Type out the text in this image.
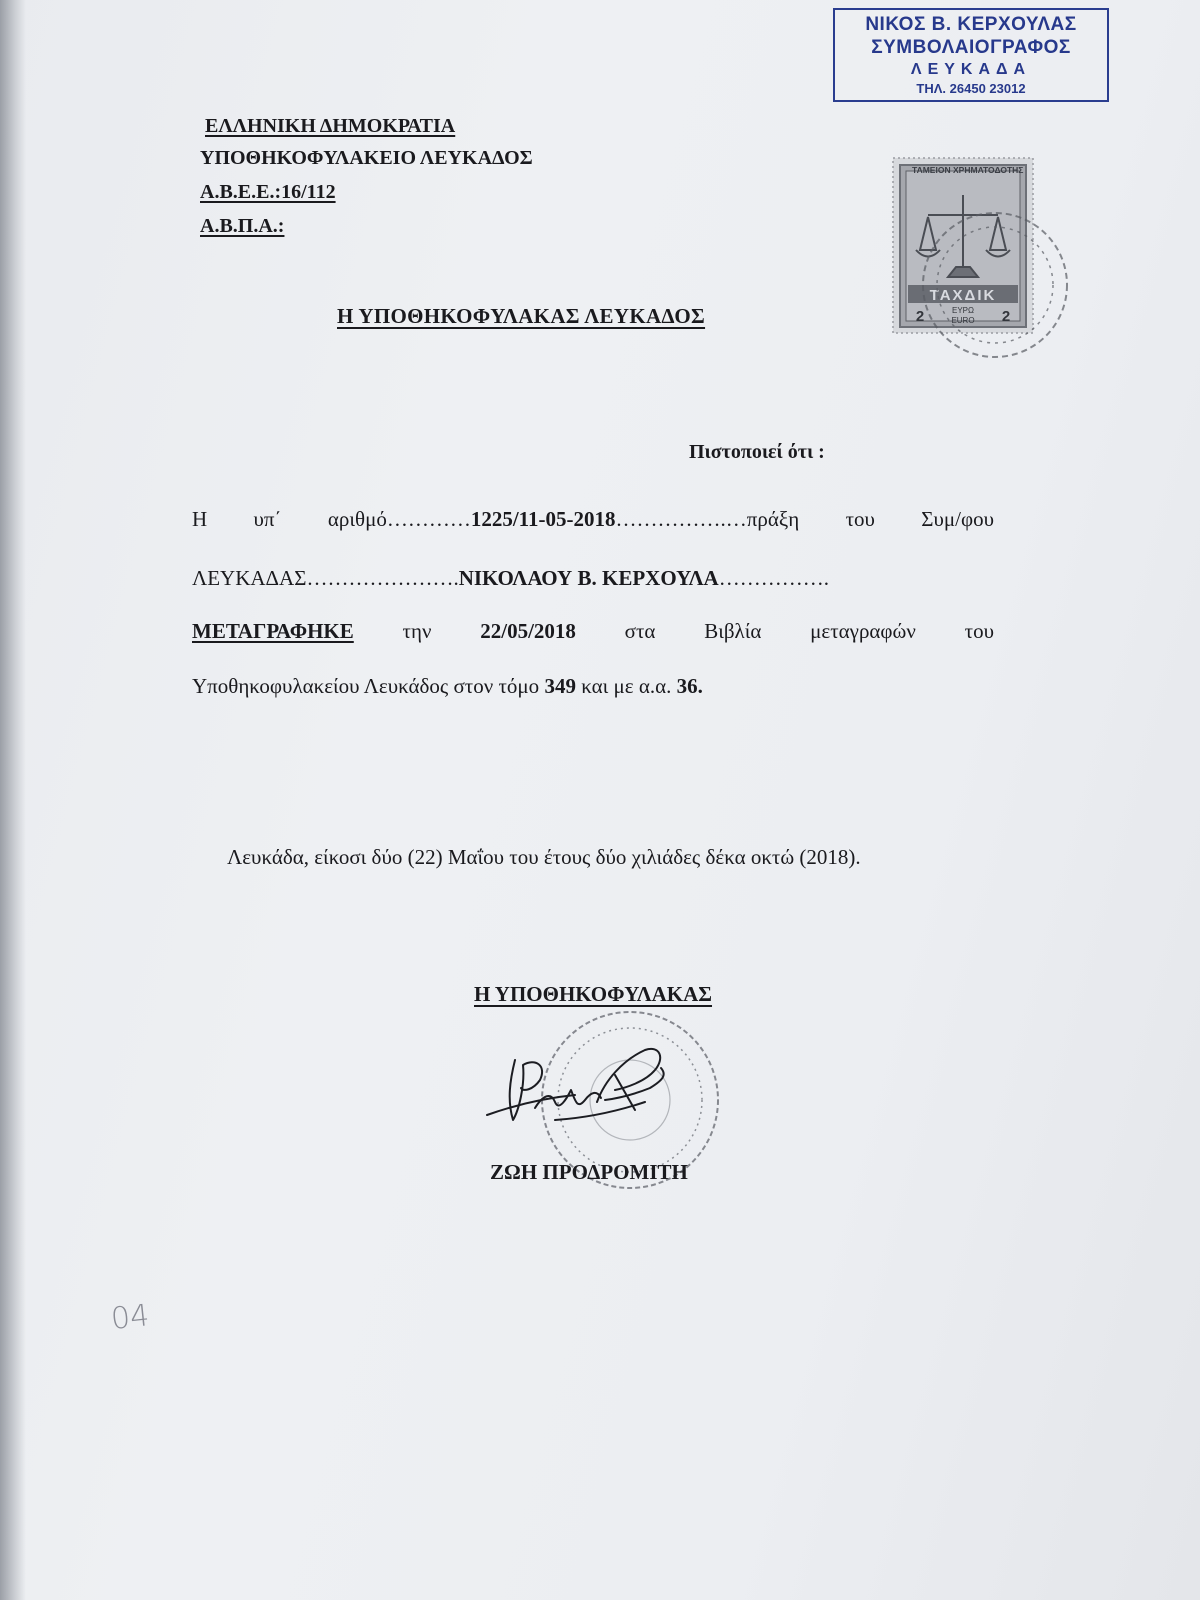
ΝΙΚΟΣ Β. ΚΕΡΧΟΥΛΑΣ
ΣΥΜΒΟΛΑΙΟΓΡΑΦΟΣ
ΛΕΥΚΑΔΑ
ΤΗΛ. 26450 23012
ΕΛΛΗΝΙΚΗ ΔΗΜΟΚΡΑΤΙΑ
ΥΠΟΘΗΚΟΦΥΛΑΚΕΙΟ ΛΕΥΚΑΔΟΣ
Α.Β.Ε.Ε.:16/112
Α.Β.Π.Α.:
ΤΑΜΕΙΟΝ ΧΡΗΜΑΤΟΔΟΤΗΣΕΩΣ ΔΙΚΑΣΤΙΚΩΝ ΚΤΙΡΙΩΝ
ΤΑΧΔΙΚ
2	2
ΕΥΡΩ
EURO
Η ΥΠΟΘΗΚΟΦΥΛΑΚΑΣ ΛΕΥΚΑΔΟΣ
Πιστοποιεί ότι :
Η υπ΄ αριθμό…………1225/11-05-2018…………….…πράξη του Συμ/φου
ΛΕΥΚΑΔΑΣ………………….ΝΙΚΟΛΑΟΥ Β. ΚΕΡΧΟΥΛΑ…………….
ΜΕΤΑΓΡΑΦΗΚΕ την 22/05/2018 στα Βιβλία μεταγραφών του
Υποθηκοφυλακείου Λευκάδος στον τόμο 349 και με α.α. 36.
Λευκάδα, είκοσι δύο (22) Μαΐου του έτους δύο χιλιάδες δέκα οκτώ (2018).
Η ΥΠΟΘΗΚΟΦΥΛΑΚΑΣ
ΖΩΗ ΠΡΟΔΡΟΜΙΤΗ
04
